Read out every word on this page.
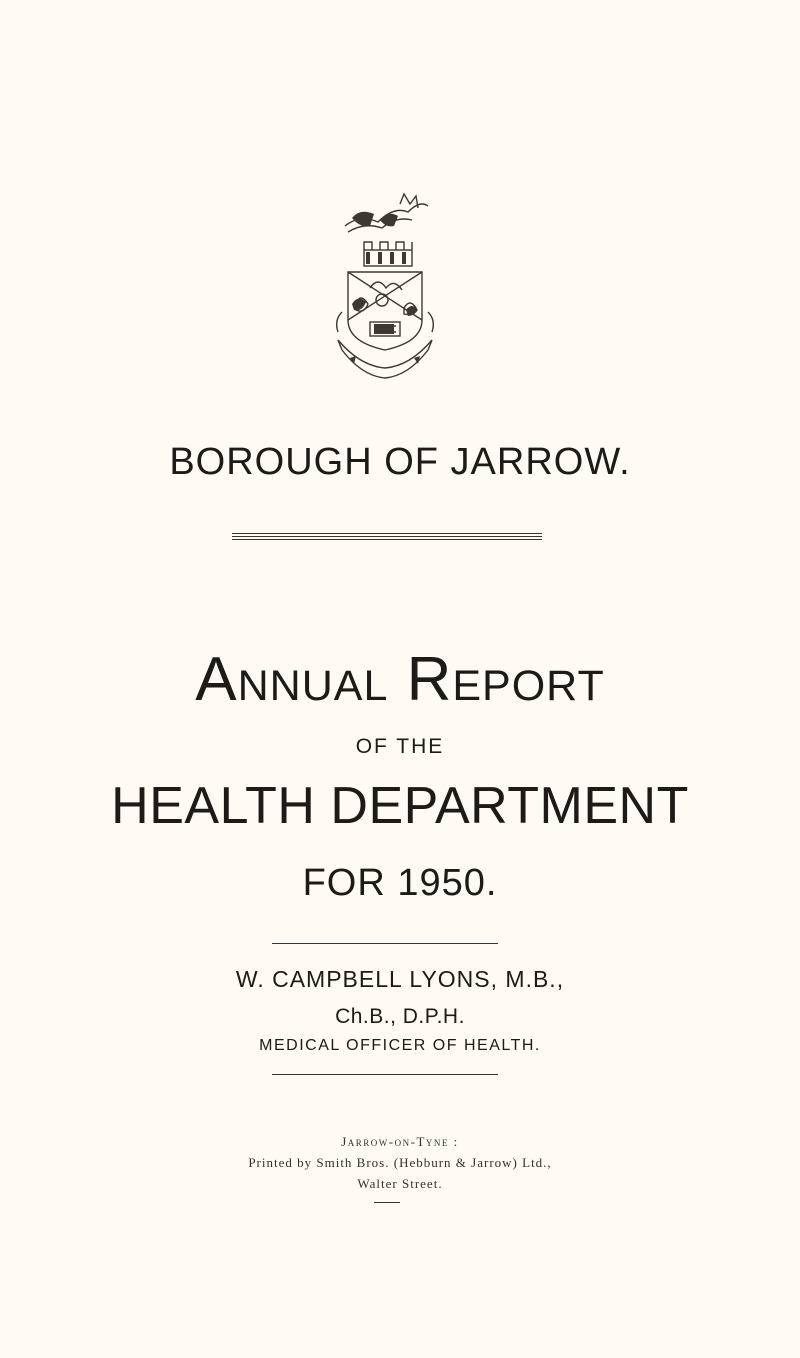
BOROUGH OF JARROW.
Annual Report
OF THE
HEALTH DEPARTMENT
FOR 1950.
W. CAMPBELL LYONS, M.B.,
Ch.B., D.P.H.
MEDICAL OFFICER OF HEALTH.
Jarrow-on-Tyne :
Printed by Smith Bros. (Hebburn & Jarrow) Ltd.,
Walter Street.
